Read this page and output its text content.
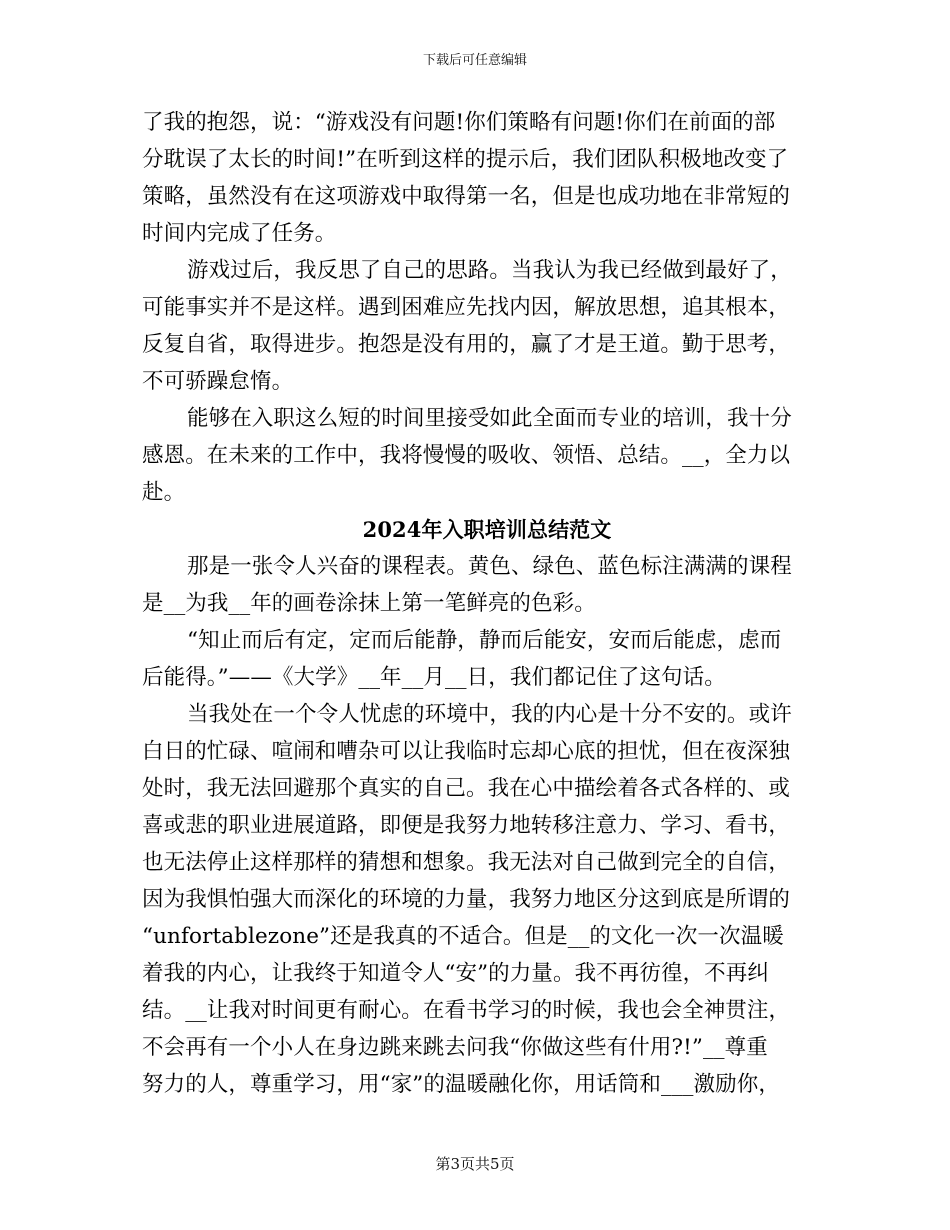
下载后可任意编辑
了我的抱怨，说：“游戏没有问题!你们策略有问题!你们在前面的部
分耽误了太长的时间!”在听到这样的提示后，我们团队积极地改变了
策略，虽然没有在这项游戏中取得第一名，但是也成功地在非常短的
时间内完成了任务。
游戏过后，我反思了自己的思路。当我认为我已经做到最好了，
可能事实并不是这样。遇到困难应先找内因，解放思想，追其根本，
反复自省，取得进步。抱怨是没有用的，赢了才是王道。勤于思考，
不可骄躁怠惰。
能够在入职这么短的时间里接受如此全面而专业的培训，我十分
感恩。在未来的工作中，我将慢慢的吸收、领悟、总结。__，全力以
赴。
2024年入职培训总结范文
那是一张令人兴奋的课程表。黄色、绿色、蓝色标注满满的课程
是__为我__年的画卷涂抹上第一笔鲜亮的色彩。
“知止而后有定，定而后能静，静而后能安，安而后能虑，虑而
后能得。”——《大学》__年__月__日，我们都记住了这句话。
当我处在一个令人忧虑的环境中，我的内心是十分不安的。或许
白日的忙碌、喧闹和嘈杂可以让我临时忘却心底的担忧，但在夜深独
处时，我无法回避那个真实的自己。我在心中描绘着各式各样的、或
喜或悲的职业进展道路，即便是我努力地转移注意力、学习、看书，
也无法停止这样那样的猜想和想象。我无法对自己做到完全的自信，
因为我惧怕强大而深化的环境的力量，我努力地区分这到底是所谓的
“unfortablezone”还是我真的不适合。但是__的文化一次一次温暖
着我的内心，让我终于知道令人“安”的力量。我不再彷徨，不再纠
结。__让我对时间更有耐心。在看书学习的时候，我也会全神贯注，
不会再有一个小人在身边跳来跳去问我“你做这些有什用?!”__尊重
努力的人，尊重学习，用“家”的温暖融化你，用话筒和___激励你，
第3页共5页
